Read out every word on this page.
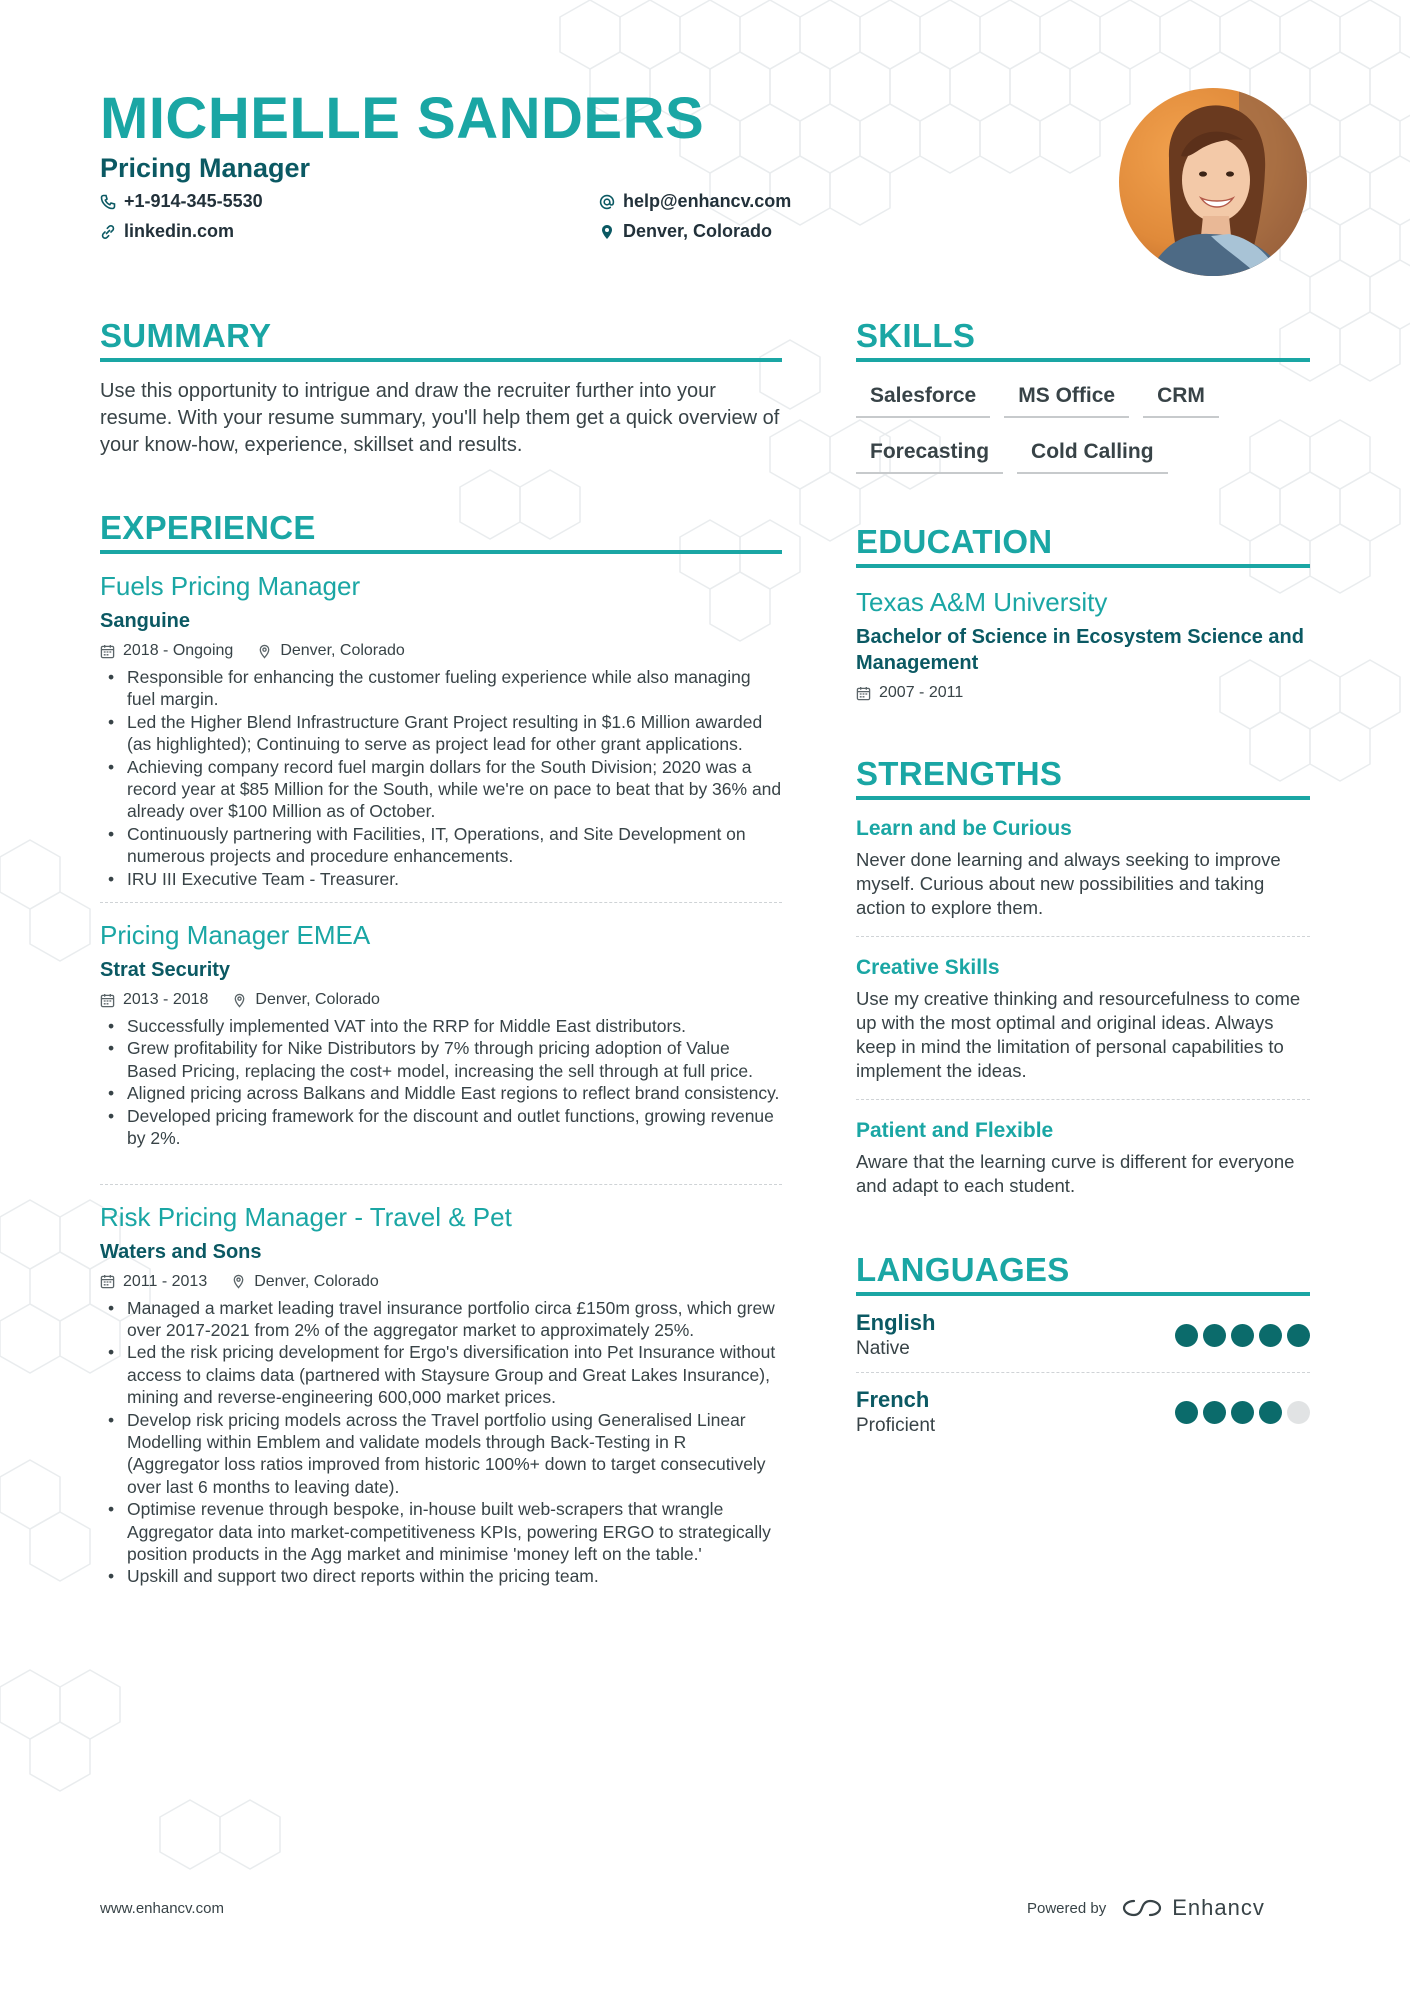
MICHELLE SANDERS
Pricing Manager
+1-914-345-5530
linkedin.com
help@enhancv.com
Denver, Colorado
SUMMARY

Use this opportunity to intrigue and draw the recruiter further into your resume. With your resume summary, you'll help them get a quick overview of your know-how, experience, skillset and results.

EXPERIENCE
Fuels Pricing Manager
Sanguine
2018 - Ongoing	Denver, Colorado
• Responsible for enhancing the customer fueling experience while also managing fuel margin.
• Led the Higher Blend Infrastructure Grant Project resulting in $1.6 Million awarded (as highlighted); Continuing to serve as project lead for other grant applications.
• Achieving company record fuel margin dollars for the South Division; 2020 was a record year at $85 Million for the South, while we're on pace to beat that by 36% and already over $100 Million as of October.
• Continuously partnering with Facilities, IT, Operations, and Site Development on numerous projects and procedure enhancements.
• IRU III Executive Team - Treasurer.
Pricing Manager EMEA
Strat Security
2013 - 2018	Denver, Colorado
• Successfully implemented VAT into the RRP for Middle East distributors.
• Grew profitability for Nike Distributors by 7% through pricing adoption of Value Based Pricing, replacing the cost+ model, increasing the sell through at full price.
• Aligned pricing across Balkans and Middle East regions to reflect brand consistency.
• Developed pricing framework for the discount and outlet functions, growing revenue by 2%.
Risk Pricing Manager - Travel & Pet
Waters and Sons
2011 - 2013	Denver, Colorado
• Managed a market leading travel insurance portfolio circa £150m gross, which grew over 2017-2021 from 2% of the aggregator market to approximately 25%.
• Led the risk pricing development for Ergo's diversification into Pet Insurance without access to claims data (partnered with Staysure Group and Great Lakes Insurance), mining and reverse-engineering 600,000 market prices.
• Develop risk pricing models across the Travel portfolio using Generalised Linear Modelling within Emblem and validate models through Back-Testing in R (Aggregator loss ratios improved from historic 100%+ down to target consecutively over last 6 months to leaving date).
• Optimise revenue through bespoke, in-house built web-scrapers that wrangle Aggregator data into market-competitiveness KPIs, powering ERGO to strategically position products in the Agg market and minimise 'money left on the table.'
• Upskill and support two direct reports within the pricing team.
SKILLS
Salesforce	MS Office	CRM
Forecasting	Cold Calling
EDUCATION
Texas A&M University
Bachelor of Science in Ecosystem Science and Management
2007 - 2011
STRENGTHS
Learn and be Curious
Never done learning and always seeking to improve myself. Curious about new possibilities and taking action to explore them.
Creative Skills
Use my creative thinking and resourcefulness to come up with the most optimal and original ideas. Always keep in mind the limitation of personal capabilities to implement the ideas.
Patient and Flexible
Aware that the learning curve is different for everyone and adapt to each student.
LANGUAGES
English
Native
French
Proficient
www.enhancv.com	Powered by	Enhancv
